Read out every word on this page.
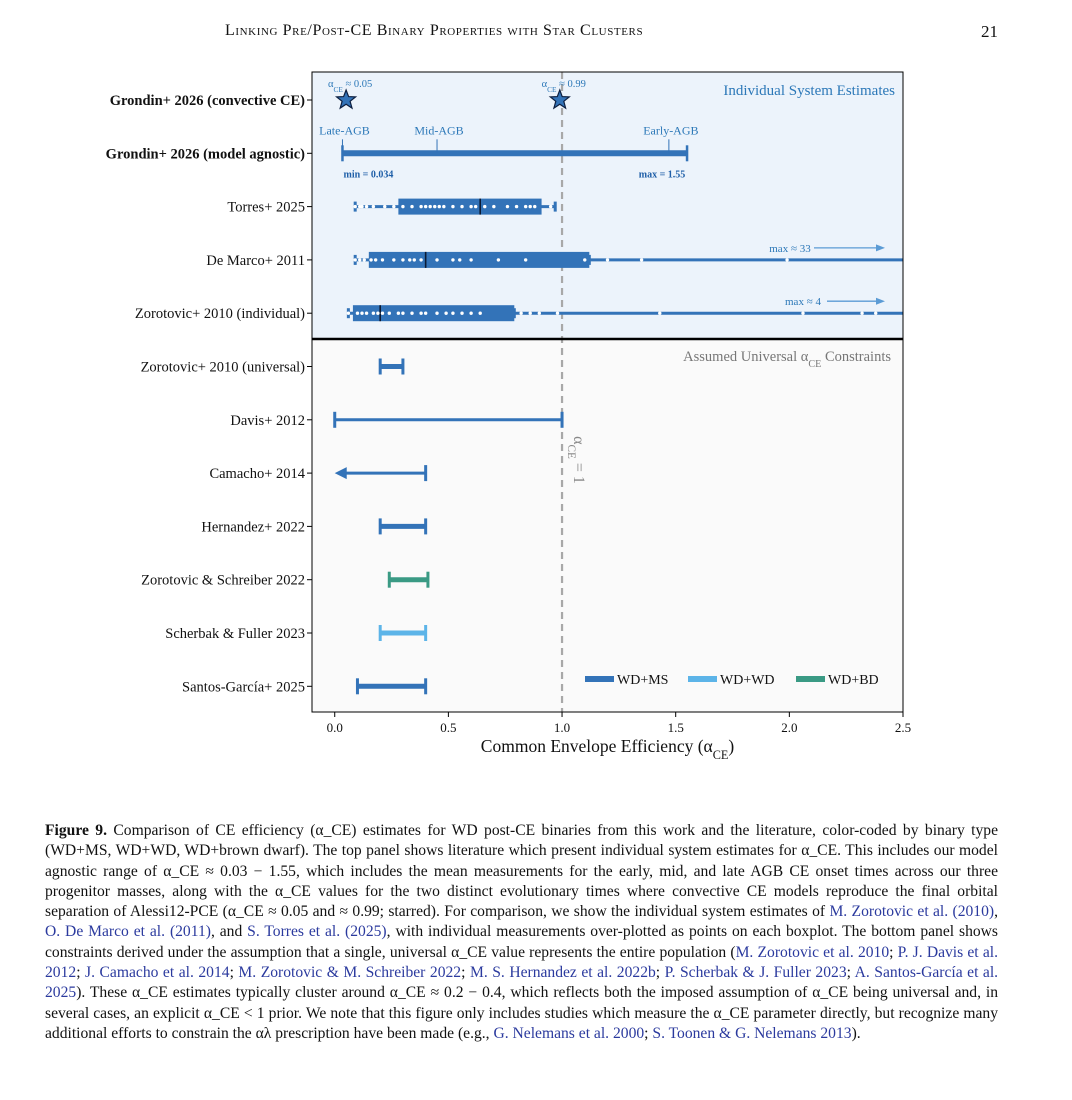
Linking Pre/Post-CE Binary Properties with Star Clusters	21
Individual System Estimates
Assumed Universal $\alpha_{CE}$ Constraints
Grondin+ 2026 (convective CE)
$\alpha_{CE} \approx 0.05$	$\alpha_{CE} \approx 0.99$
Grondin+ 2026 (model agnostic)
Late-AGB	Mid-AGB	Early-AGB
min = 0.034	max = 1.55
Torres+ 2025
De Marco+ 2011
max ≈ 33
Zorotovic+ 2010 (individual)
max ≈ 4
Zorotovic+ 2010 (universal)
Davis+ 2012
Camacho+ 2014
Hernandez+ 2022
Zorotovic & Schreiber 2022
Scherbak & Fuller 2023
Santos-García+ 2025
$\alpha_{CE} = 1$
0.0	0.5	1.0	1.5	2.0	2.5
Common Envelope Efficiency $(\alpha_{CE})$
WD+MS	WD+WD	WD+BD

Figure 9. Comparison of CE efficiency (α_CE) estimates for WD post-CE binaries from this work and the literature, color-coded by binary type (WD+MS, WD+WD, WD+brown dwarf). The top panel shows literature which present individual system estimates for α_CE. This includes our model agnostic range of α_CE ≈ 0.03 − 1.55, which includes the mean measurements for the early, mid, and late AGB CE onset times across our three progenitor masses, along with the α_CE values for the two distinct evolutionary times where convective CE models reproduce the final orbital separation of Alessi12-PCE (α_CE ≈ 0.05 and ≈ 0.99; starred). For comparison, we show the individual system estimates of M. Zorotovic et al. (2010), O. De Marco et al. (2011), and S. Torres et al. (2025), with individual measurements over-plotted as points on each boxplot. The bottom panel shows constraints derived under the assumption that a single, universal α_CE value represents the entire population (M. Zorotovic et al. 2010; P. J. Davis et al. 2012; J. Camacho et al. 2014; M. Zorotovic & M. Schreiber 2022; M. S. Hernandez et al. 2022b; P. Scherbak & J. Fuller 2023; A. Santos-García et al. 2025). These α_CE estimates typically cluster around α_CE ≈ 0.2 − 0.4, which reflects both the imposed assumption of α_CE being universal and, in several cases, an explicit α_CE < 1 prior. We note that this figure only includes studies which measure the α_CE parameter directly, but recognize many additional efforts to constrain the αλ prescription have been made (e.g., G. Nelemans et al. 2000; S. Toonen & G. Nelemans 2013).
